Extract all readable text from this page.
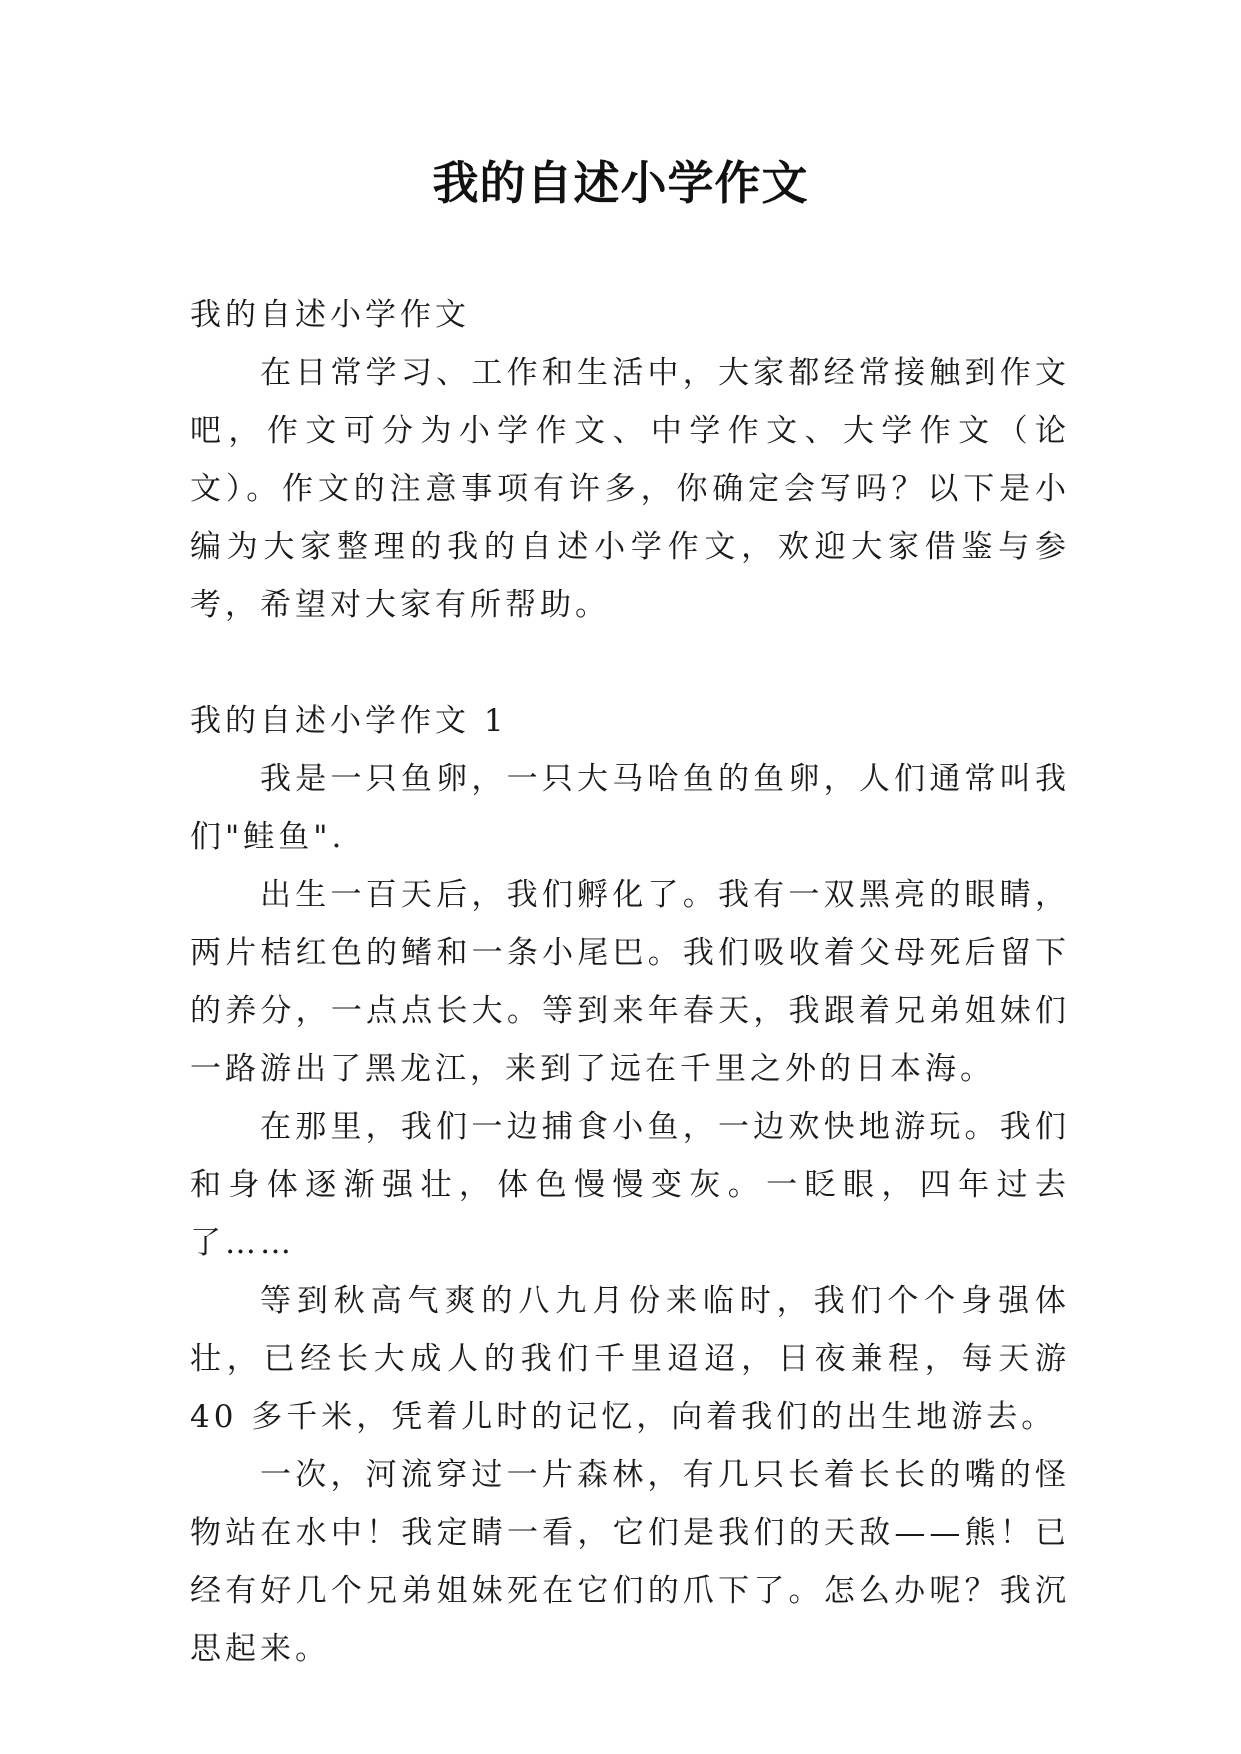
我的自述小学作文

我的自述小学作文

在日常学习、工作和生活中，大家都经常接触到作文吧，作文可分为小学作文、中学作文、大学作文（论文）。作文的注意事项有许多，你确定会写吗？以下是小编为大家整理的我的自述小学作文，欢迎大家借鉴与参考，希望对大家有所帮助。

我的自述小学作文 1

我是一只鱼卵，一只大马哈鱼的鱼卵，人们通常叫我们"鲑鱼".

出生一百天后，我们孵化了。我有一双黑亮的眼睛，两片桔红色的鳍和一条小尾巴。我们吸收着父母死后留下的养分，一点点长大。等到来年春天，我跟着兄弟姐妹们一路游出了黑龙江，来到了远在千里之外的日本海。

在那里，我们一边捕食小鱼，一边欢快地游玩。我们和身体逐渐强壮，体色慢慢变灰。一眨眼，四年过去了……

等到秋高气爽的八九月份来临时，我们个个身强体壮，已经长大成人的我们千里迢迢，日夜兼程，每天游 40 多千米，凭着儿时的记忆，向着我们的出生地游去。

一次，河流穿过一片森林，有几只长着长长的嘴的怪物站在水中！我定睛一看，它们是我们的天敌——熊！已经有好几个兄弟姐妹死在它们的爪下了。怎么办呢？我沉思起来。
